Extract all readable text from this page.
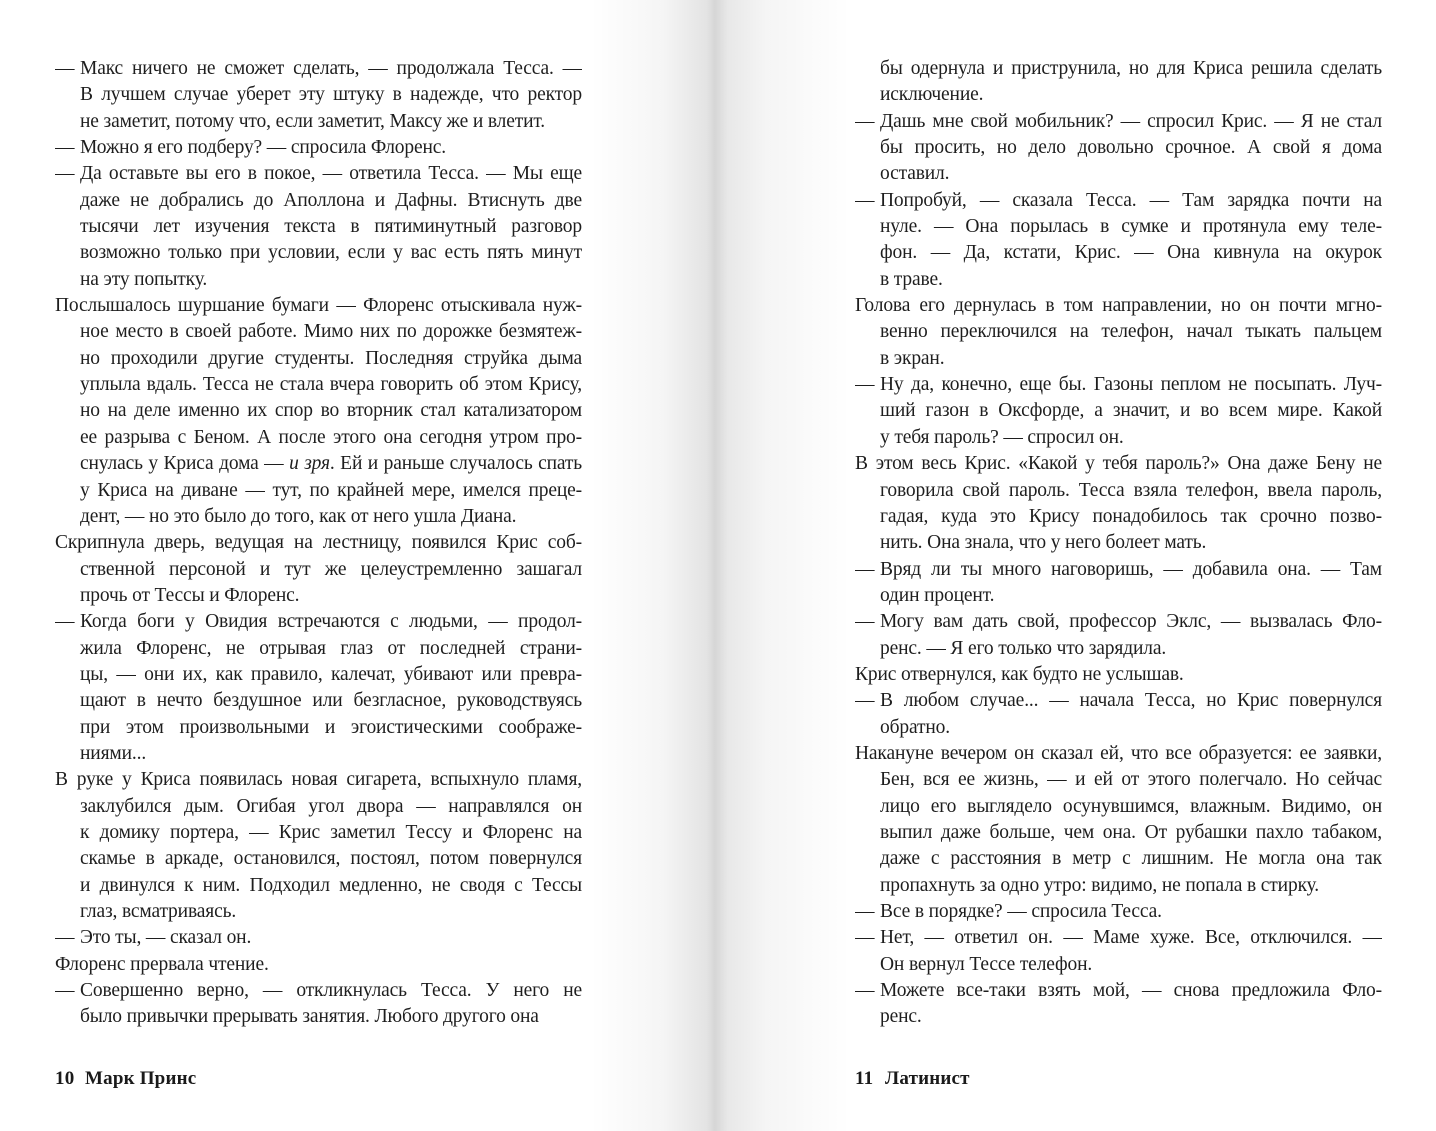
— Макс ничего не сможет сделать, — продолжала Тесса. —
В лучшем случае уберет эту штуку в надежде, что ректор
не заметит, потому что, если заметит, Максу же и влетит.
— Можно я его подберу? — спросила Флоренс.
— Да оставьте вы его в покое, — ответила Тесса. — Мы еще
даже не добрались до Аполлона и Дафны. Втиснуть две
тысячи лет изучения текста в пятиминутный разговор
возможно только при условии, если у вас есть пять минут
на эту попытку.
Послышалось шуршание бумаги — Флоренс отыскивала нуж-
ное место в своей работе. Мимо них по дорожке безмятеж-
но проходили другие студенты. Последняя струйка дыма
уплыла вдаль. Тесса не стала вчера говорить об этом Крису,
но на деле именно их спор во вторник стал катализатором
ее разрыва с Беном. А после этого она сегодня утром про-
снулась у Криса дома — и зря. Ей и раньше случалось спать
у Криса на диване — тут, по крайней мере, имелся преце-
дент, — но это было до того, как от него ушла Диана.
Скрипнула дверь, ведущая на лестницу, появился Крис соб-
ственной персоной и тут же целеустремленно зашагал
прочь от Тессы и Флоренс.
— Когда боги у Овидия встречаются с людьми, — продол-
жила Флоренс, не отрывая глаз от последней страни-
цы, — они их, как правило, калечат, убивают или превра-
щают в нечто бездушное или безгласное, руководствуясь
при этом произвольными и эгоистическими соображе-
ниями...
В руке у Криса появилась новая сигарета, вспыхнуло пламя,
заклубился дым. Огибая угол двора — направлялся он
к домику портера, — Крис заметил Тессу и Флоренс на
скамье в аркаде, остановился, постоял, потом повернулся
и двинулся к ним. Подходил медленно, не сводя с Тессы
глаз, всматриваясь.
— Это ты, — сказал он.
Флоренс прервала чтение.
— Совершенно верно, — откликнулась Тесса. У него не
было привычки прерывать занятия. Любого другого она
бы одернула и приструнила, но для Криса решила сделать
исключение.
— Дашь мне свой мобильник? — спросил Крис. — Я не стал
бы просить, но дело довольно срочное. А свой я дома
оставил.
— Попробуй, — сказала Тесса. — Там зарядка почти на
нуле. — Она порылась в сумке и протянула ему теле-
фон. — Да, кстати, Крис. — Она кивнула на окурок
в траве.
Голова его дернулась в том направлении, но он почти мгно-
венно переключился на телефон, начал тыкать пальцем
в экран.
— Ну да, конечно, еще бы. Газоны пеплом не посыпать. Луч-
ший газон в Оксфорде, а значит, и во всем мире. Какой
у тебя пароль? — спросил он.
В этом весь Крис. «Какой у тебя пароль?» Она даже Бену не
говорила свой пароль. Тесса взяла телефон, ввела пароль,
гадая, куда это Крису понадобилось так срочно позво-
нить. Она знала, что у него болеет мать.
— Вряд ли ты много наговоришь, — добавила она. — Там
один процент.
— Могу вам дать свой, профессор Эклс, — вызвалась Фло-
ренс. — Я его только что зарядила.
Крис отвернулся, как будто не услышав.
— В любом случае... — начала Тесса, но Крис повернулся
обратно.
Накануне вечером он сказал ей, что все образуется: ее заявки,
Бен, вся ее жизнь, — и ей от этого полегчало. Но сейчас
лицо его выглядело осунувшимся, влажным. Видимо, он
выпил даже больше, чем она. От рубашки пахло табаком,
даже с расстояния в метр с лишним. Не могла она так
пропахнуть за одно утро: видимо, не попала в стирку.
— Все в порядке? — спросила Тесса.
— Нет, — ответил он. — Маме хуже. Все, отключился. —
Он вернул Тессе телефон.
— Можете все-таки взять мой, — снова предложила Фло-
ренс.
10 Марк Принс	11 Латинист
